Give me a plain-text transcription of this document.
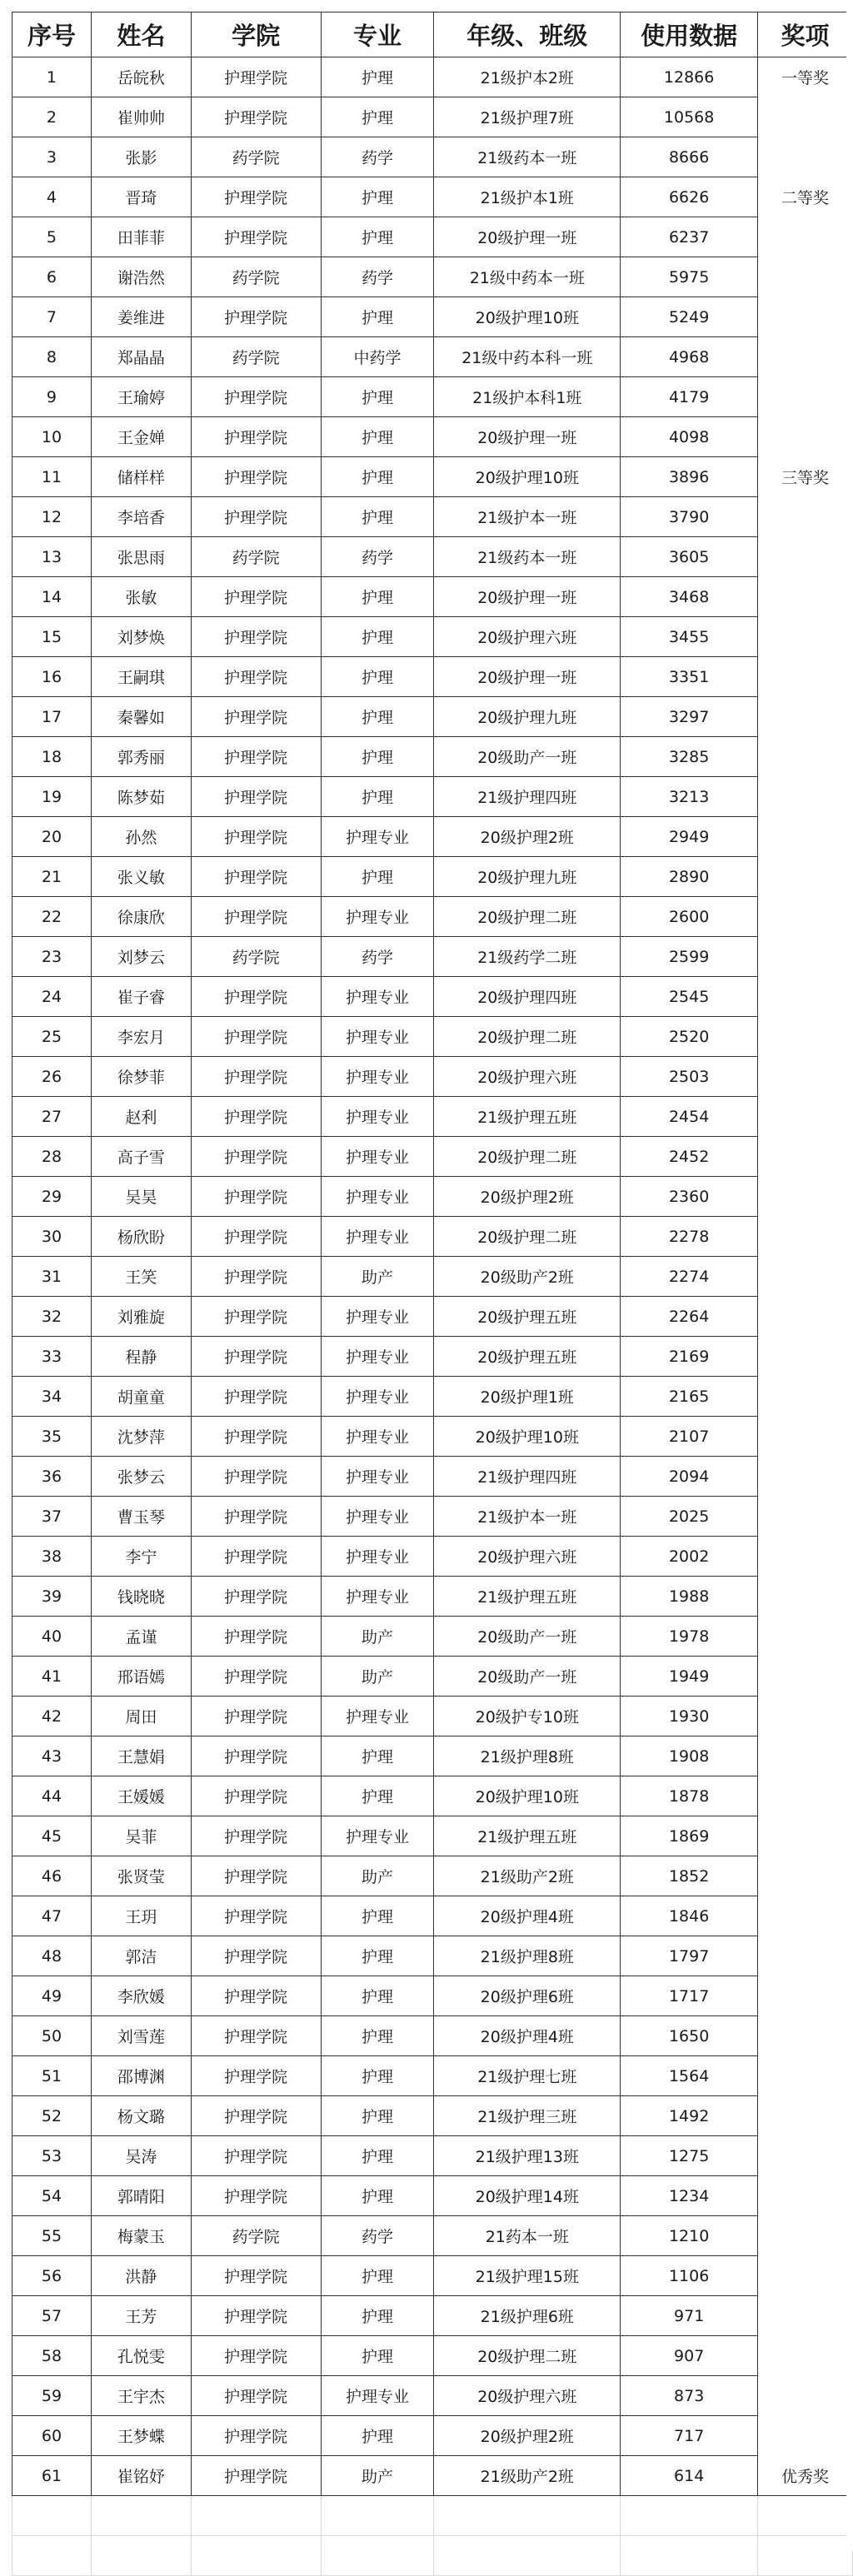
序号	姓名	学院	专业	年级、班级	使用数据	奖项
1	岳皖秋	护理学院	护理	21级护本2班	12866	一等奖
2	崔帅帅	护理学院	护理	21级护理7班	10568	
3	张影	药学院	药学	21级药本一班	8666	
4	晋琦	护理学院	护理	21级护本1班	6626	二等奖
5	田菲菲	护理学院	护理	20级护理一班	6237	
6	谢浩然	药学院	药学	21级中药本一班	5975	
7	姜维进	护理学院	护理	20级护理10班	5249	
8	郑晶晶	药学院	中药学	21级中药本科一班	4968	
9	王瑜婷	护理学院	护理	21级护本科1班	4179	
10	王金婵	护理学院	护理	20级护理一班	4098	
11	储样样	护理学院	护理	20级护理10班	3896	三等奖
12	李培香	护理学院	护理	21级护本一班	3790	
13	张思雨	药学院	药学	21级药本一班	3605	
14	张敏	护理学院	护理	20级护理一班	3468	
15	刘梦焕	护理学院	护理	20级护理六班	3455	
16	王嗣琪	护理学院	护理	20级护理一班	3351	
17	秦馨如	护理学院	护理	20级护理九班	3297	
18	郭秀丽	护理学院	护理	20级助产一班	3285	
19	陈梦茹	护理学院	护理	21级护理四班	3213	
20	孙然	护理学院	护理专业	20级护理2班	2949	
21	张义敏	护理学院	护理	20级护理九班	2890	
22	徐康欣	护理学院	护理专业	20级护理二班	2600	
23	刘梦云	药学院	药学	21级药学二班	2599	
24	崔子睿	护理学院	护理专业	20级护理四班	2545	
25	李宏月	护理学院	护理专业	20级护理二班	2520	
26	徐梦菲	护理学院	护理专业	20级护理六班	2503	
27	赵利	护理学院	护理专业	21级护理五班	2454	
28	高子雪	护理学院	护理专业	20级护理二班	2452	
29	吴昊	护理学院	护理专业	20级护理2班	2360	
30	杨欣盼	护理学院	护理专业	20级护理二班	2278	
31	王笑	护理学院	助产	20级助产2班	2274	
32	刘雅旋	护理学院	护理专业	20级护理五班	2264	
33	程静	护理学院	护理专业	20级护理五班	2169	
34	胡童童	护理学院	护理专业	20级护理1班	2165	
35	沈梦萍	护理学院	护理专业	20级护理10班	2107	
36	张梦云	护理学院	护理专业	21级护理四班	2094	
37	曹玉琴	护理学院	护理专业	21级护本一班	2025	
38	李宁	护理学院	护理专业	20级护理六班	2002	
39	钱晓晓	护理学院	护理专业	21级护理五班	1988	
40	孟谨	护理学院	助产	20级助产一班	1978	
41	邢语嫣	护理学院	助产	20级助产一班	1949	
42	周田	护理学院	护理专业	20级护专10班	1930	
43	王慧娟	护理学院	护理	21级护理8班	1908	
44	王媛媛	护理学院	护理	20级护理10班	1878	
45	吴菲	护理学院	护理专业	21级护理五班	1869	
46	张贤莹	护理学院	助产	21级助产2班	1852	
47	王玥	护理学院	护理	20级护理4班	1846	
48	郭洁	护理学院	护理	21级护理8班	1797	
49	李欣媛	护理学院	护理	20级护理6班	1717	
50	刘雪莲	护理学院	护理	20级护理4班	1650	
51	邵博渊	护理学院	护理	21级护理七班	1564	
52	杨文璐	护理学院	护理	21级护理三班	1492	
53	吴涛	护理学院	护理	21级护理13班	1275	
54	郭晴阳	护理学院	护理	20级护理14班	1234	
55	梅蒙玉	药学院	药学	21药本一班	1210	
56	洪静	护理学院	护理	21级护理15班	1106	
57	王芳	护理学院	护理	21级护理6班	971	
58	孔悦雯	护理学院	护理	20级护理二班	907	
59	王宇杰	护理学院	护理专业	20级护理六班	873	
60	王梦蝶	护理学院	护理	20级护理2班	717	
61	崔铭妤	护理学院	助产	21级助产2班	614	优秀奖
